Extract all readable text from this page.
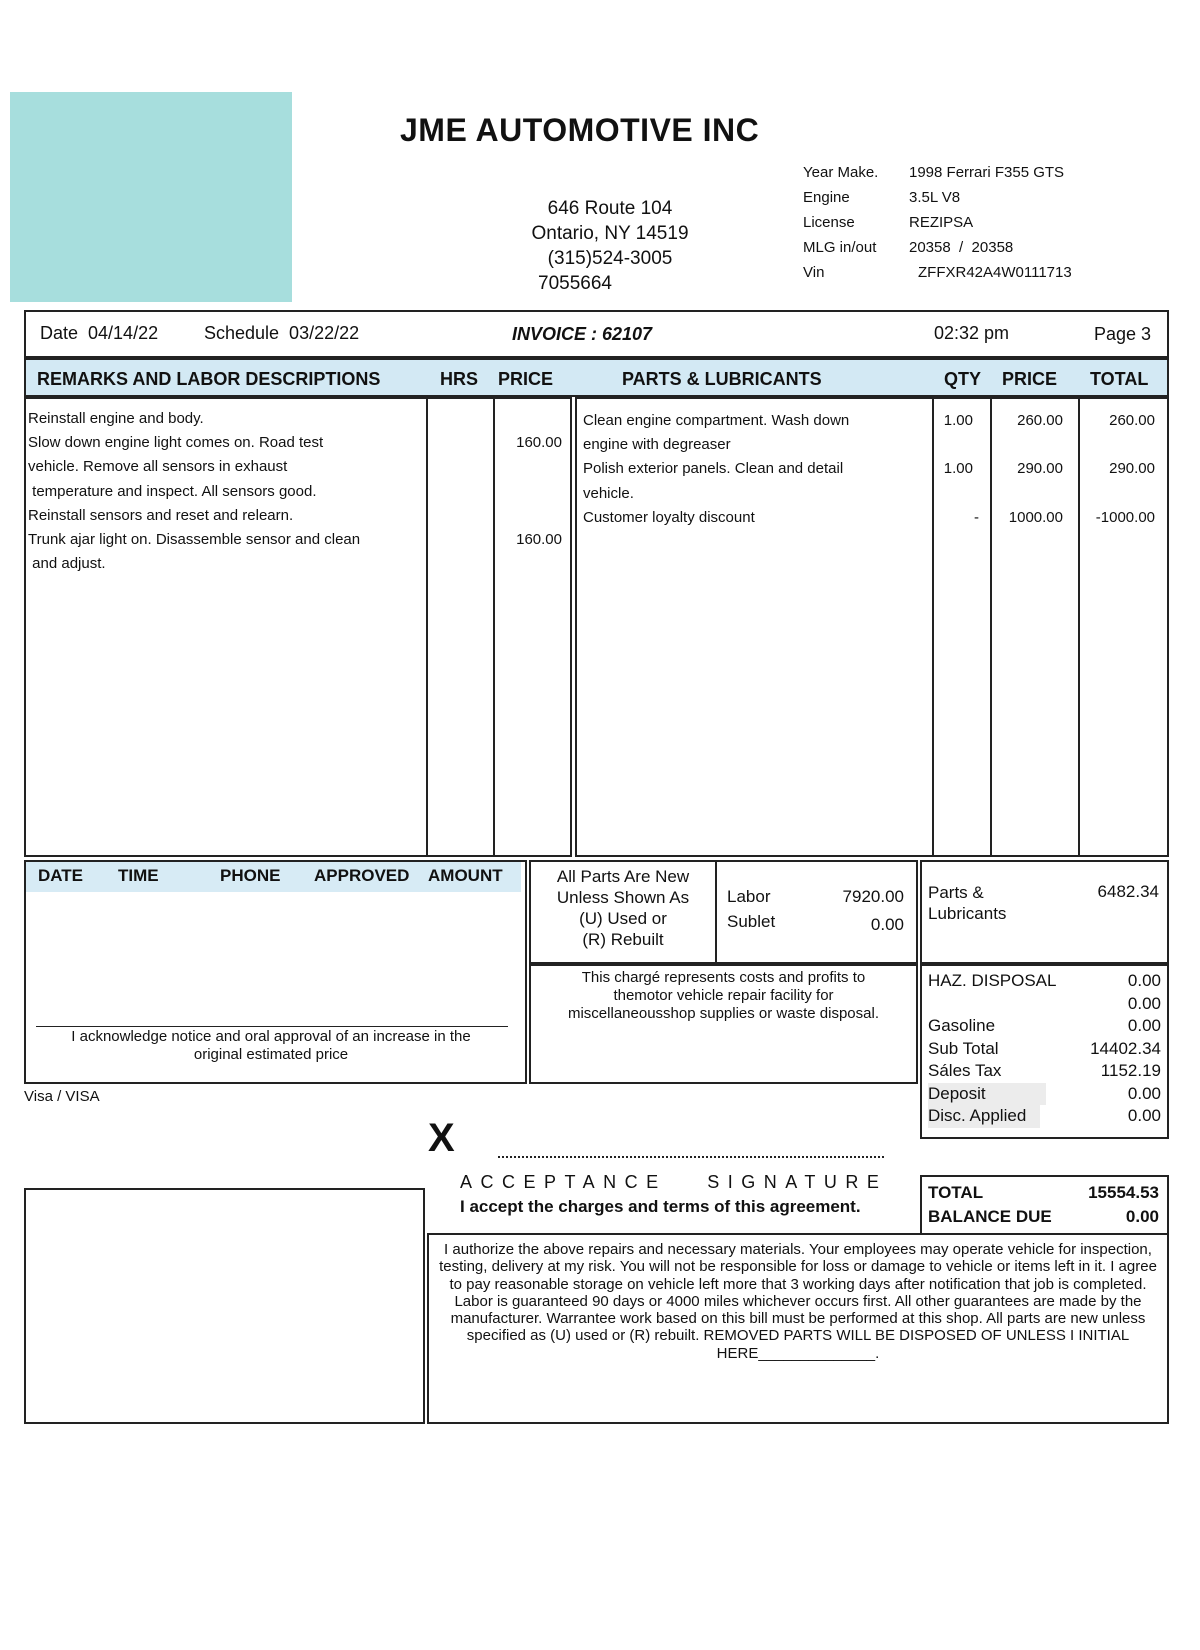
JME AUTOMOTIVE INC
646 Route 104
Ontario, NY 14519
(315)524-3005
7055664
Year Make.	1998 Ferrari F355 GTS
Engine	3.5L V8
License	REZIPSA
MLG in/out	20358  /  20358
Vin	ZFFXR42A4W0111713
Date  04/14/22	Schedule  03/22/22	INVOICE : 62107	02:32 pm	Page 3
REMARKS AND LABOR DESCRIPTIONS	HRS PRICE	PARTS & LUBRICANTS	QTY PRICE TOTAL
Reinstall engine and body.
Slow down engine light comes on. Road test	160.00
vehicle. Remove all sensors in exhaust
temperature and inspect. All sensors good.
Reinstall sensors and reset and relearn.
Trunk ajar light on. Disassemble sensor and clean	160.00
and adjust.
Clean engine compartment. Wash down	1.00	260.00	260.00
engine with degreaser
Polish exterior panels. Clean and detail	1.00	290.00	290.00
vehicle.
Customer loyalty discount	-	1000.00	-1000.00
DATE TIME	PHONE APPROVED AMOUNT
I acknowledge notice and oral approval of an increase in the original estimated price
All Parts Are New
Unless Shown As
(U) Used or
(R) Rebuilt
Labor	7920.00
Sublet	0.00
This chargé represents costs and profits to themotor vehicle repair facility for miscellaneousshop supplies or waste disposal.
Parts &
Lubricants
6482.34
HAZ. DISPOSAL	0.00
0.00
Gasoline	0.00
Sub Total	14402.34
Sáles Tax	1152.19
Deposit	0.00
Disc. Applied	0.00
TOTAL	15554.53
BALANCE DUE	0.00
Visa / VISA
X
ACCEPTANCE   SIGNATURE
I accept the charges and terms of this agreement.
I authorize the above repairs and necessary materials. Your employees may operate vehicle for inspection, testing, delivery at my risk. You will not be responsible for loss or damage to vehicle or items left in it. I agree to pay reasonable storage on vehicle left more that 3 working days after notification that job is completed. Labor is guaranteed 90 days or 4000 miles whichever occurs first. All other guarantees are made by the manufacturer. Warrantee work based on this bill must be performed at this shop. All parts are new unless specified as (U) used or (R) rebuilt. REMOVED PARTS WILL BE DISPOSED OF UNLESS I INITIAL HERE______________.
